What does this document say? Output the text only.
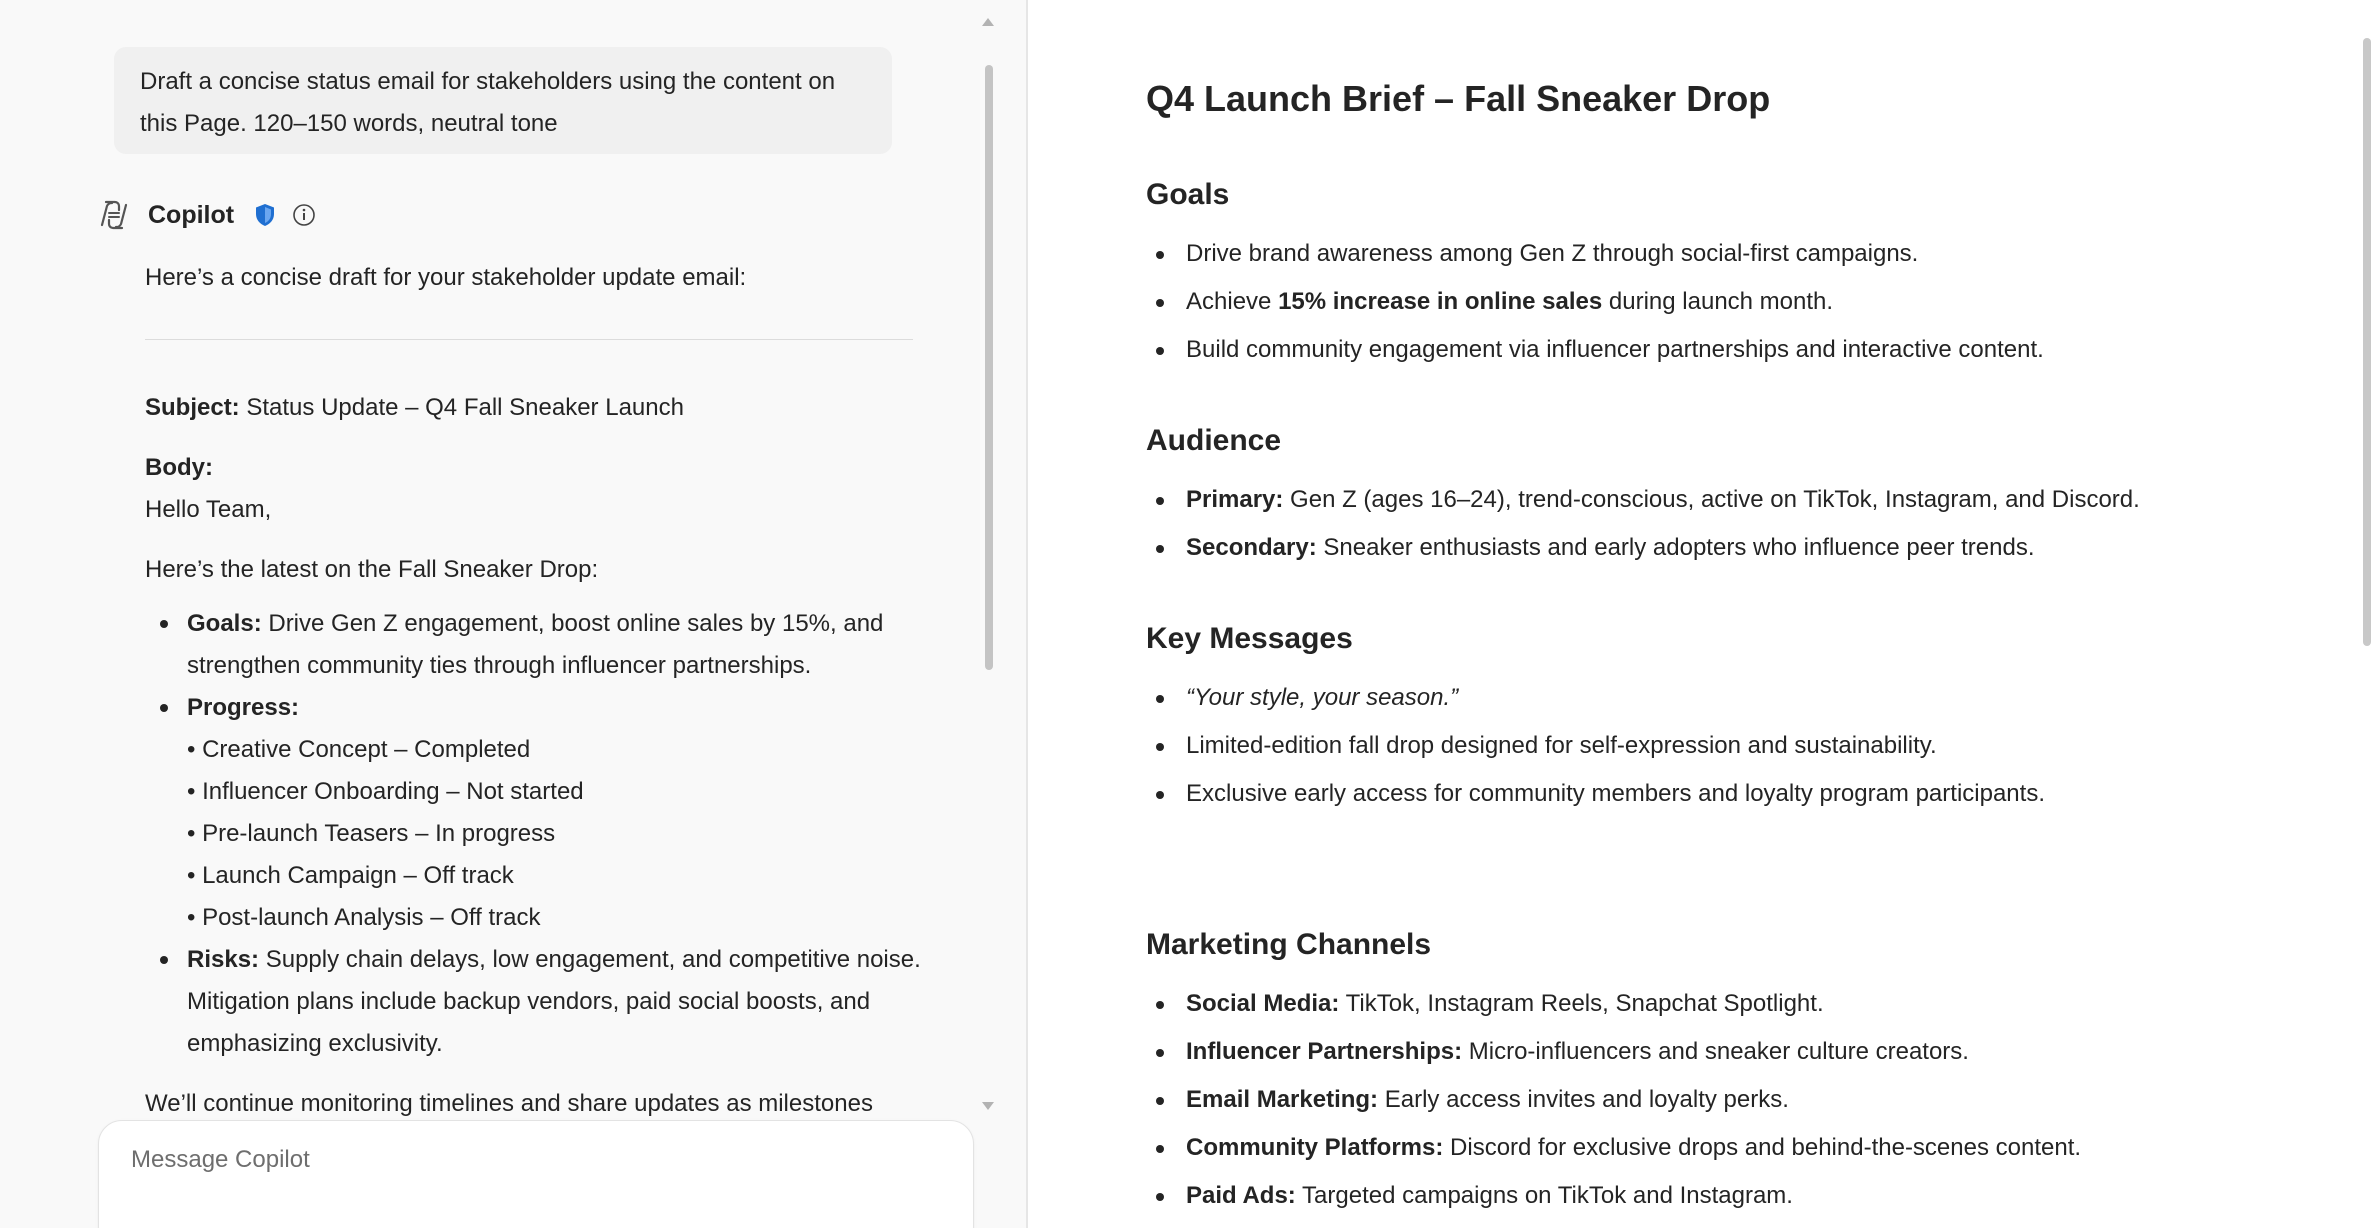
Draft a concise status email for stakeholders using the content on this Page. 120–150 words, neutral tone
Copilot
Here’s a concise draft for your stakeholder update email:
Subject: Status Update – Q4 Fall Sneaker Launch
Body:
Hello Team,
Here’s the latest on the Fall Sneaker Drop:
Goals: Drive Gen Z engagement, boost online sales by 15%, and
strengthen community ties through influencer partnerships.
Progress:
• Creative Concept – Completed
• Influencer Onboarding – Not started
• Pre-launch Teasers – In progress
• Launch Campaign – Off track
• Post-launch Analysis – Off track
Risks: Supply chain delays, low engagement, and competitive noise.
Mitigation plans include backup vendors, paid social boosts, and
emphasizing exclusivity.
We’ll continue monitoring timelines and share updates as milestones
Message Copilot
Q4 Launch Brief – Fall Sneaker Drop
Goals
Drive brand awareness among Gen Z through social-first campaigns.
Achieve 15% increase in online sales during launch month.
Build community engagement via influencer partnerships and interactive content.
Audience
Primary: Gen Z (ages 16–24), trend-conscious, active on TikTok, Instagram, and Discord.
Secondary: Sneaker enthusiasts and early adopters who influence peer trends.
Key Messages
“Your style, your season.”
Limited-edition fall drop designed for self-expression and sustainability.
Exclusive early access for community members and loyalty program participants.
Marketing Channels
Social Media: TikTok, Instagram Reels, Snapchat Spotlight.
Influencer Partnerships: Micro-influencers and sneaker culture creators.
Email Marketing: Early access invites and loyalty perks.
Community Platforms: Discord for exclusive drops and behind-the-scenes content.
Paid Ads: Targeted campaigns on TikTok and Instagram.
